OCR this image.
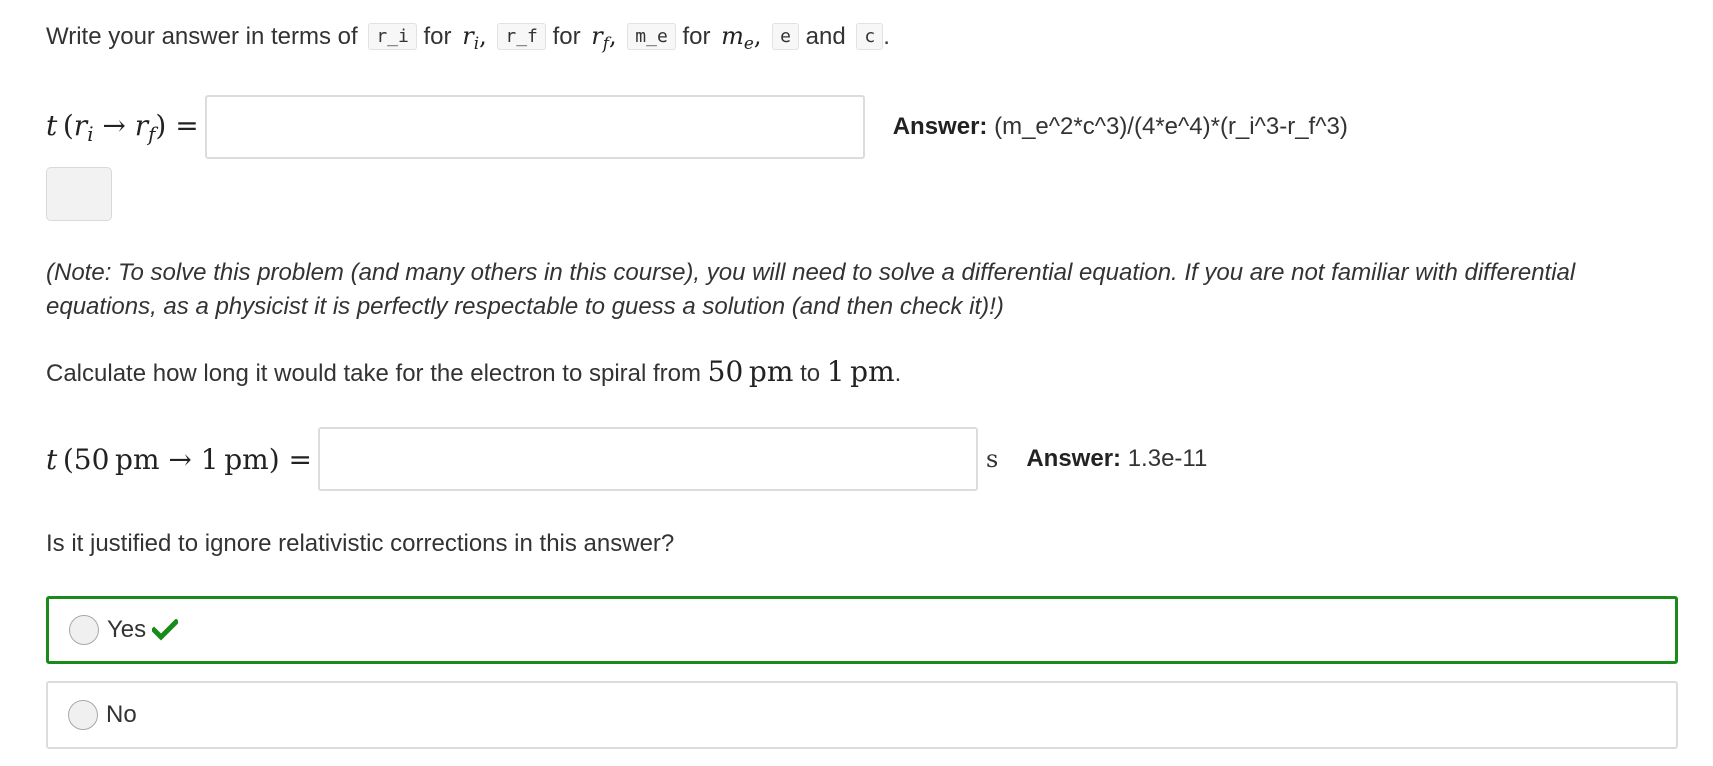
Write your answer in terms of r_i for $r_i$, r_f for $r_f$, m_e for $m_e$, e and c .
t  $(r_i \to r_f)$ =	Answer: (m_e^2*c^3)/(4*e^4)*(r_i^3-r_f^3)
(Note: To solve this problem (and many others in this course), you will need to solve a differential equation. If you are not familiar with differential equations, as a physicist it is perfectly respectable to guess a solution (and then check it)!)
Calculate how long it would take for the electron to spiral from 50  pm to 1  pm.
t  (50  pm → 1  pm) =	s Answer: 1.3e-11
Is it justified to ignore relativistic corrections in this answer?
Yes
No
